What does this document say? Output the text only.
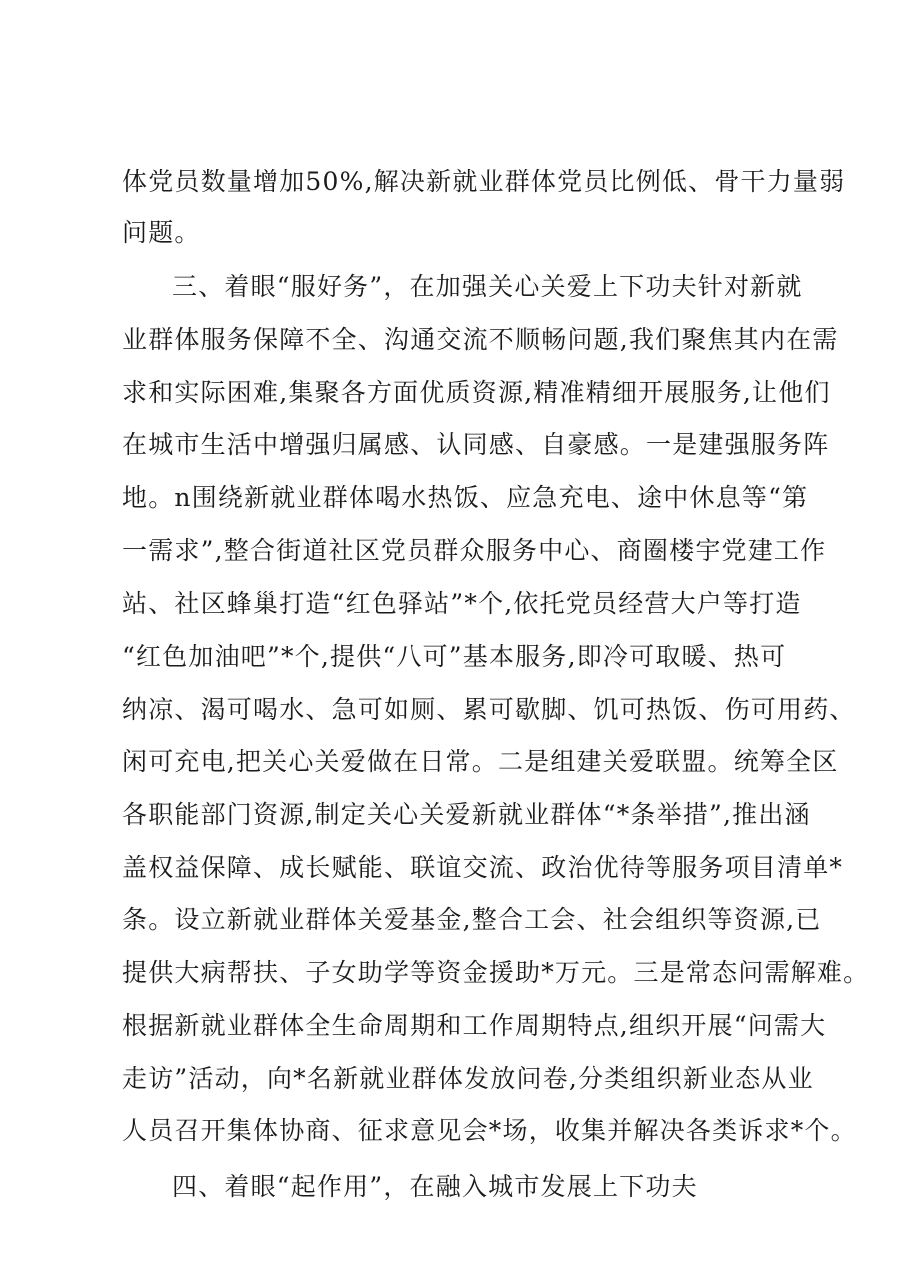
体党员数量增加50%,解决新就业群体党员比例低、骨干力量弱
问题。
三、着眼“服好务”，在加强关心关爱上下功夫针对新就
业群体服务保障不全、沟通交流不顺畅问题,我们聚焦其内在需
求和实际困难,集聚各方面优质资源,精准精细开展服务,让他们
在城市生活中增强归属感、认同感、自豪感。一是建强服务阵
地。n围绕新就业群体喝水热饭、应急充电、途中休息等“第
一需求”,整合街道社区党员群众服务中心、商圈楼宇党建工作
站、社区蜂巢打造“红色驿站”*个,依托党员经营大户等打造
“红色加油吧”*个,提供“八可”基本服务,即冷可取暖、热可
纳凉、渴可喝水、急可如厕、累可歇脚、饥可热饭、伤可用药、
闲可充电,把关心关爱做在日常。二是组建关爱联盟。统筹全区
各职能部门资源,制定关心关爱新就业群体“*条举措”,推出涵
盖权益保障、成长赋能、联谊交流、政治优待等服务项目清单*
条。设立新就业群体关爱基金,整合工会、社会组织等资源,已
提供大病帮扶、子女助学等资金援助*万元。三是常态问需解难。
根据新就业群体全生命周期和工作周期特点,组织开展“问需大
走访”活动，向*名新就业群体发放问卷,分类组织新业态从业
人员召开集体协商、征求意见会*场，收集并解决各类诉求*个。
四、着眼“起作用”，在融入城市发展上下功夫
